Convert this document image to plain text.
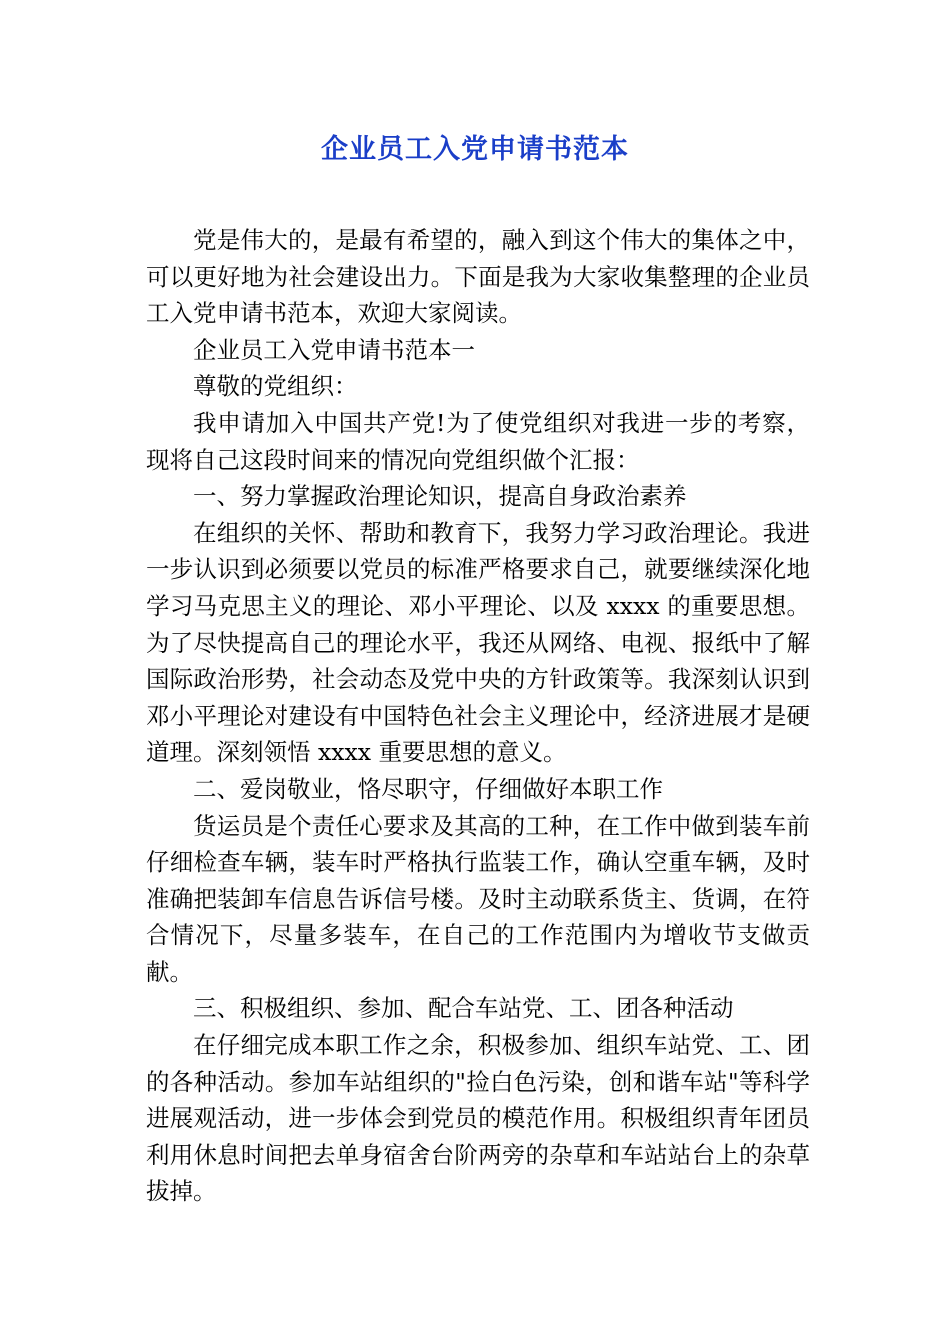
企业员工入党申请书范本

党是伟大的，是最有希望的，融入到这个伟大的集体之中，可以更好地为社会建设出力。下面是我为大家收集整理的企业员工入党申请书范本，欢迎大家阅读。

企业员工入党申请书范本一

尊敬的党组织：

我申请加入中国共产党!为了使党组织对我进一步的考察，现将自己这段时间来的情况向党组织做个汇报：

一、努力掌握政治理论知识，提高自身政治素养

在组织的关怀、帮助和教育下，我努力学习政治理论。我进一步认识到必须要以党员的标准严格要求自己，就要继续深化地学习马克思主义的理论、邓小平理论、以及 xxxx 的重要思想。为了尽快提高自己的理论水平，我还从网络、电视、报纸中了解国际政治形势，社会动态及党中央的方针政策等。我深刻认识到邓小平理论对建设有中国特色社会主义理论中，经济进展才是硬道理。深刻领悟 xxxx 重要思想的意义。

二、爱岗敬业，恪尽职守，仔细做好本职工作

货运员是个责任心要求及其高的工种，在工作中做到装车前仔细检查车辆，装车时严格执行监装工作，确认空重车辆，及时准确把装卸车信息告诉信号楼。及时主动联系货主、货调，在符合情况下，尽量多装车，在自己的工作范围内为增收节支做贡献。

三、积极组织、参加、配合车站党、工、团各种活动

在仔细完成本职工作之余，积极参加、组织车站党、工、团的各种活动。参加车站组织的"捡白色污染，创和谐车站"等科学进展观活动，进一步体会到党员的模范作用。积极组织青年团员利用休息时间把去单身宿舍台阶两旁的杂草和车站站台上的杂草拔掉。
